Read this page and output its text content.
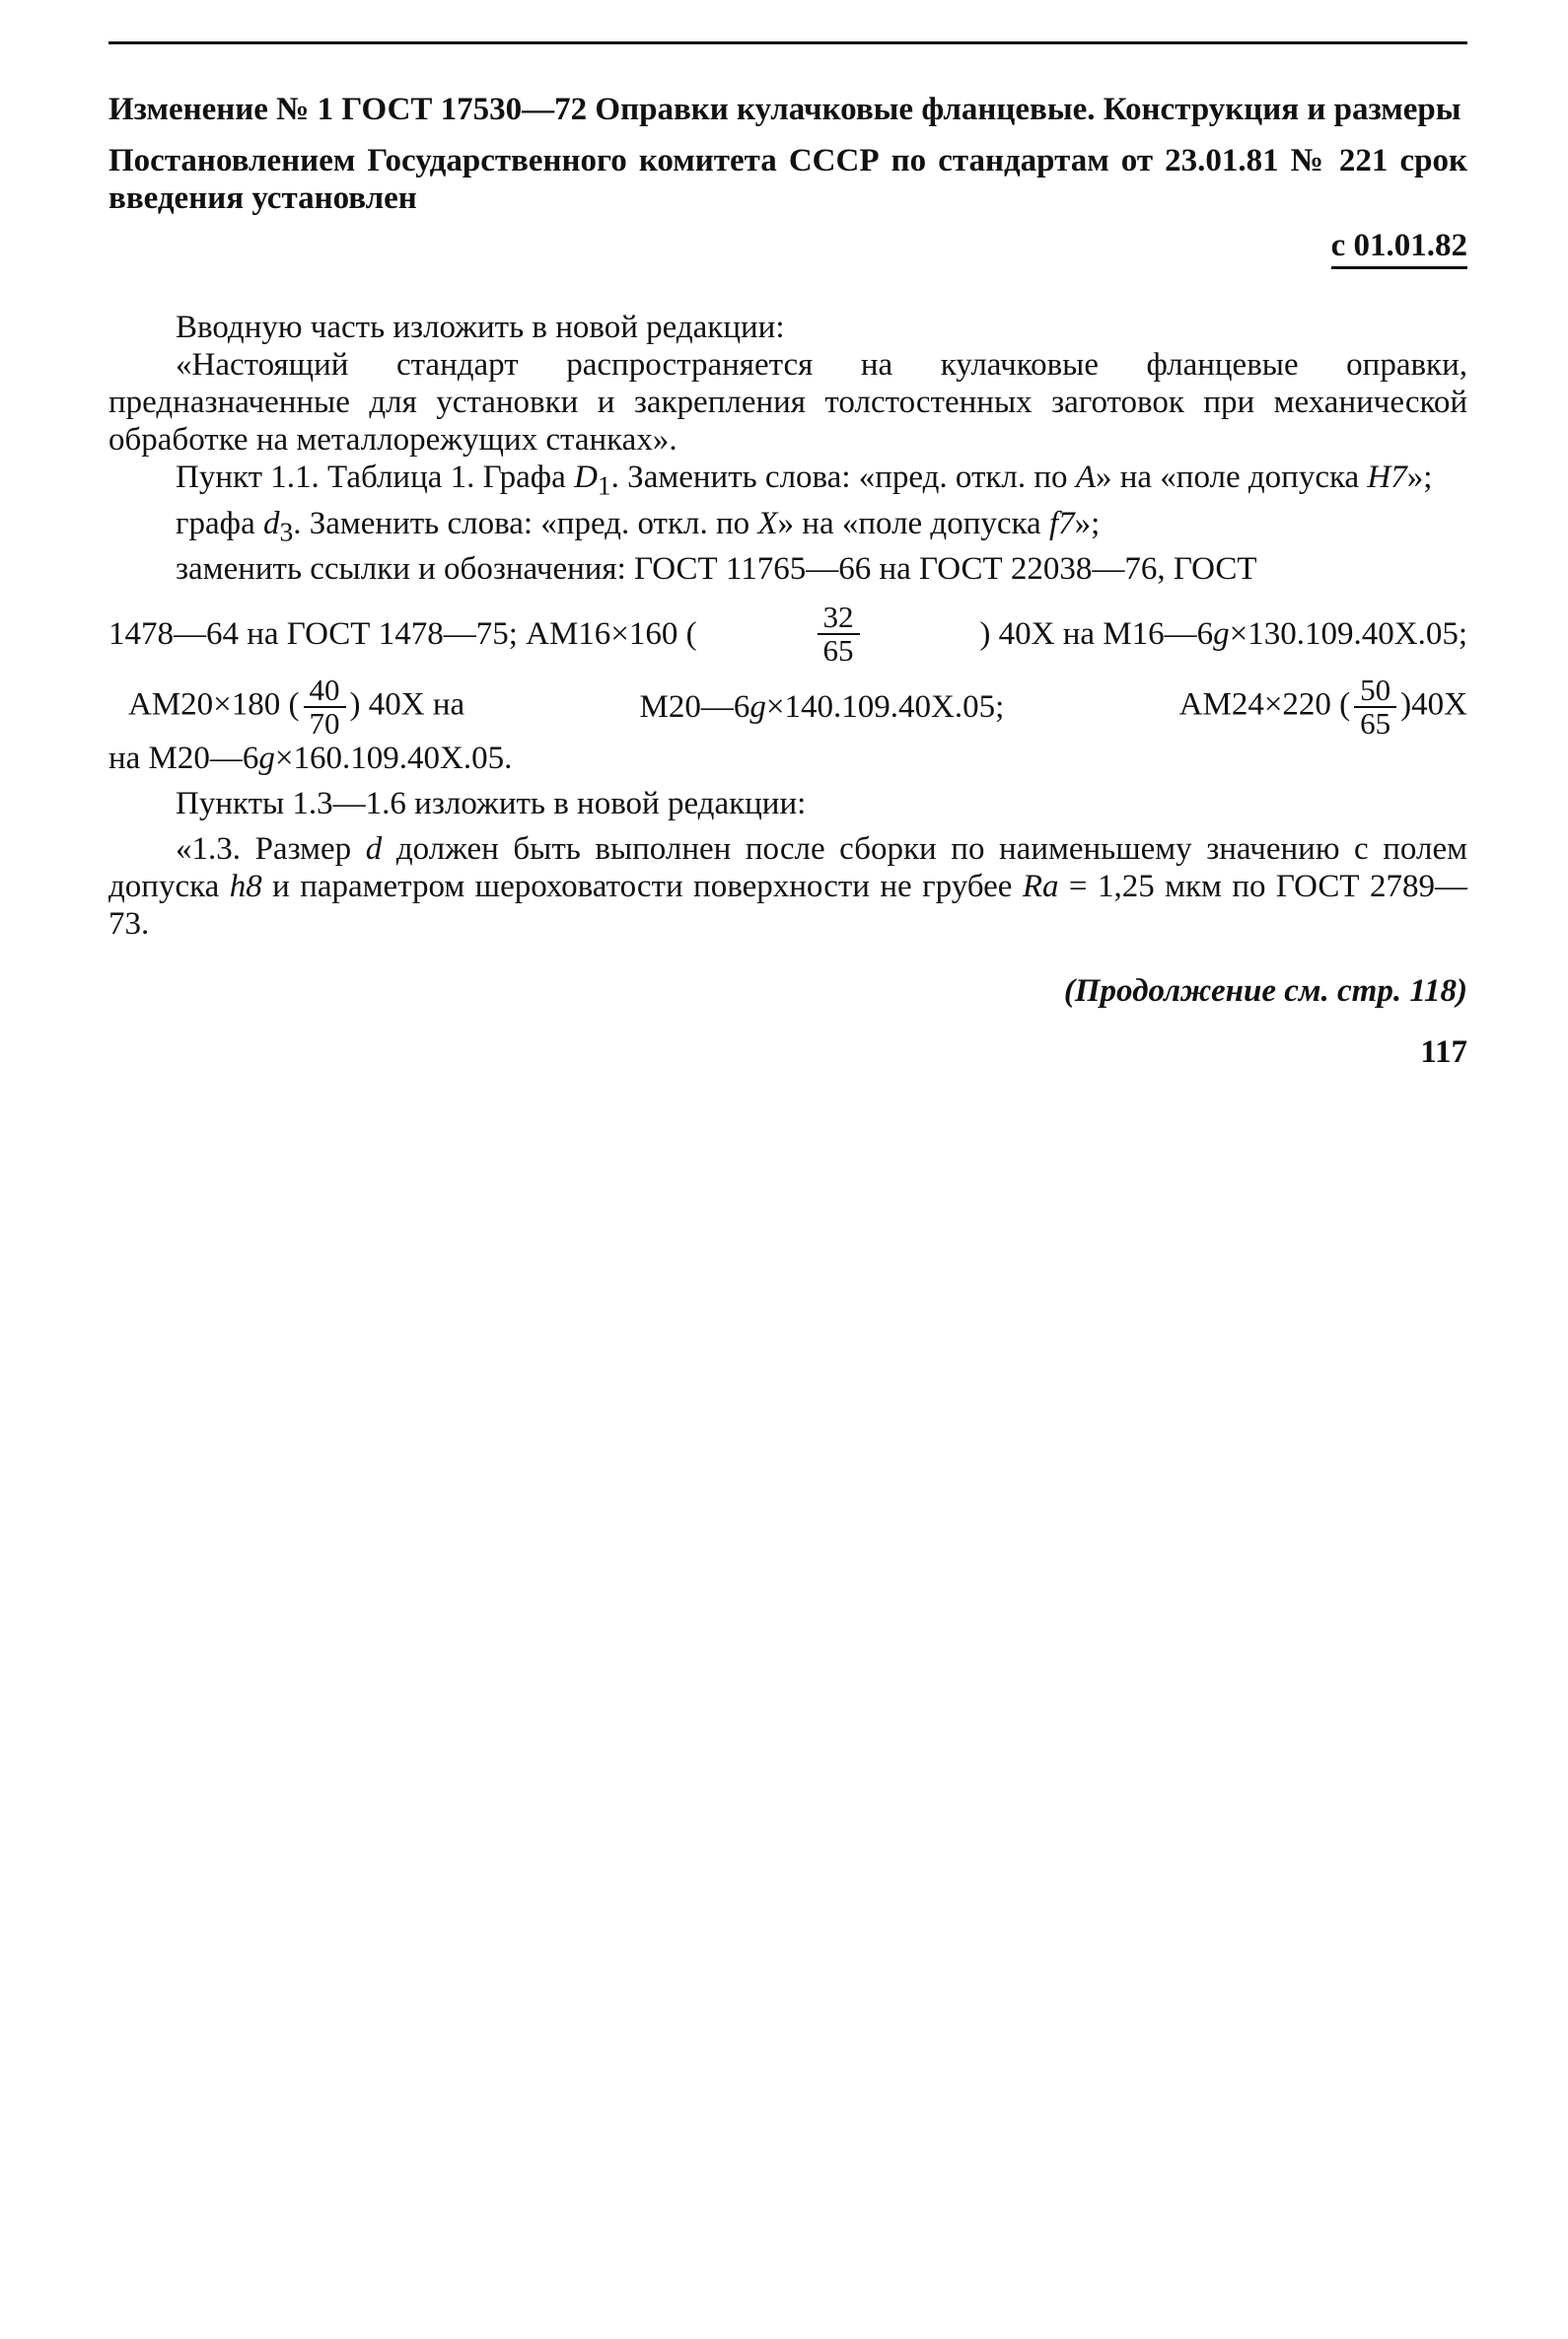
Изменение № 1 ГОСТ 17530—72 Оправки кулачковые фланцевые. Конструкция и размеры

Постановлением Государственного комитета СССР по стандартам от 23.01.81 № 221 срок введения установлен

с 01.01.82

Вводную часть изложить в новой редакции:

«Настоящий стандарт распространяется на кулачковые фланцевые оправки, предназначенные для установки и закрепления толстостенных заготовок при механической обработке на металлорежущих станках».

Пункт 1.1. Таблица 1. Графа $D_1$. Заменить слова: «пред. откл. по A» на «поле допуска H7»;

графа $d_3$. Заменить слова: «пред. откл. по X» на «поле допуска f7»;

заменить ссылки и обозначения: ГОСТ 11765—66 на ГОСТ 22038—76, ГОСТ

1478—64 на ГОСТ 1478—75; АМ16×160 (	$\frac{32}{65}$	) 40Х на М16—6g×130.109.40Х.05;
АМ20×180 ( $\frac{40}{70}$ ) 40Х на	М20—6g×140.109.40Х.05;	АМ24×220 ( $\frac{50}{65} )40Х$

на М20—6g×160.109.40Х.05.

Пункты 1.3—1.6 изложить в новой редакции:

«1.3. Размер d должен быть выполнен после сборки по наименьшему значению с полем допуска h8 и параметром шероховатости поверхности не грубее Ra = 1,25 мкм по ГОСТ 2789—73.

(Продолжение см. стр. 118)

117
